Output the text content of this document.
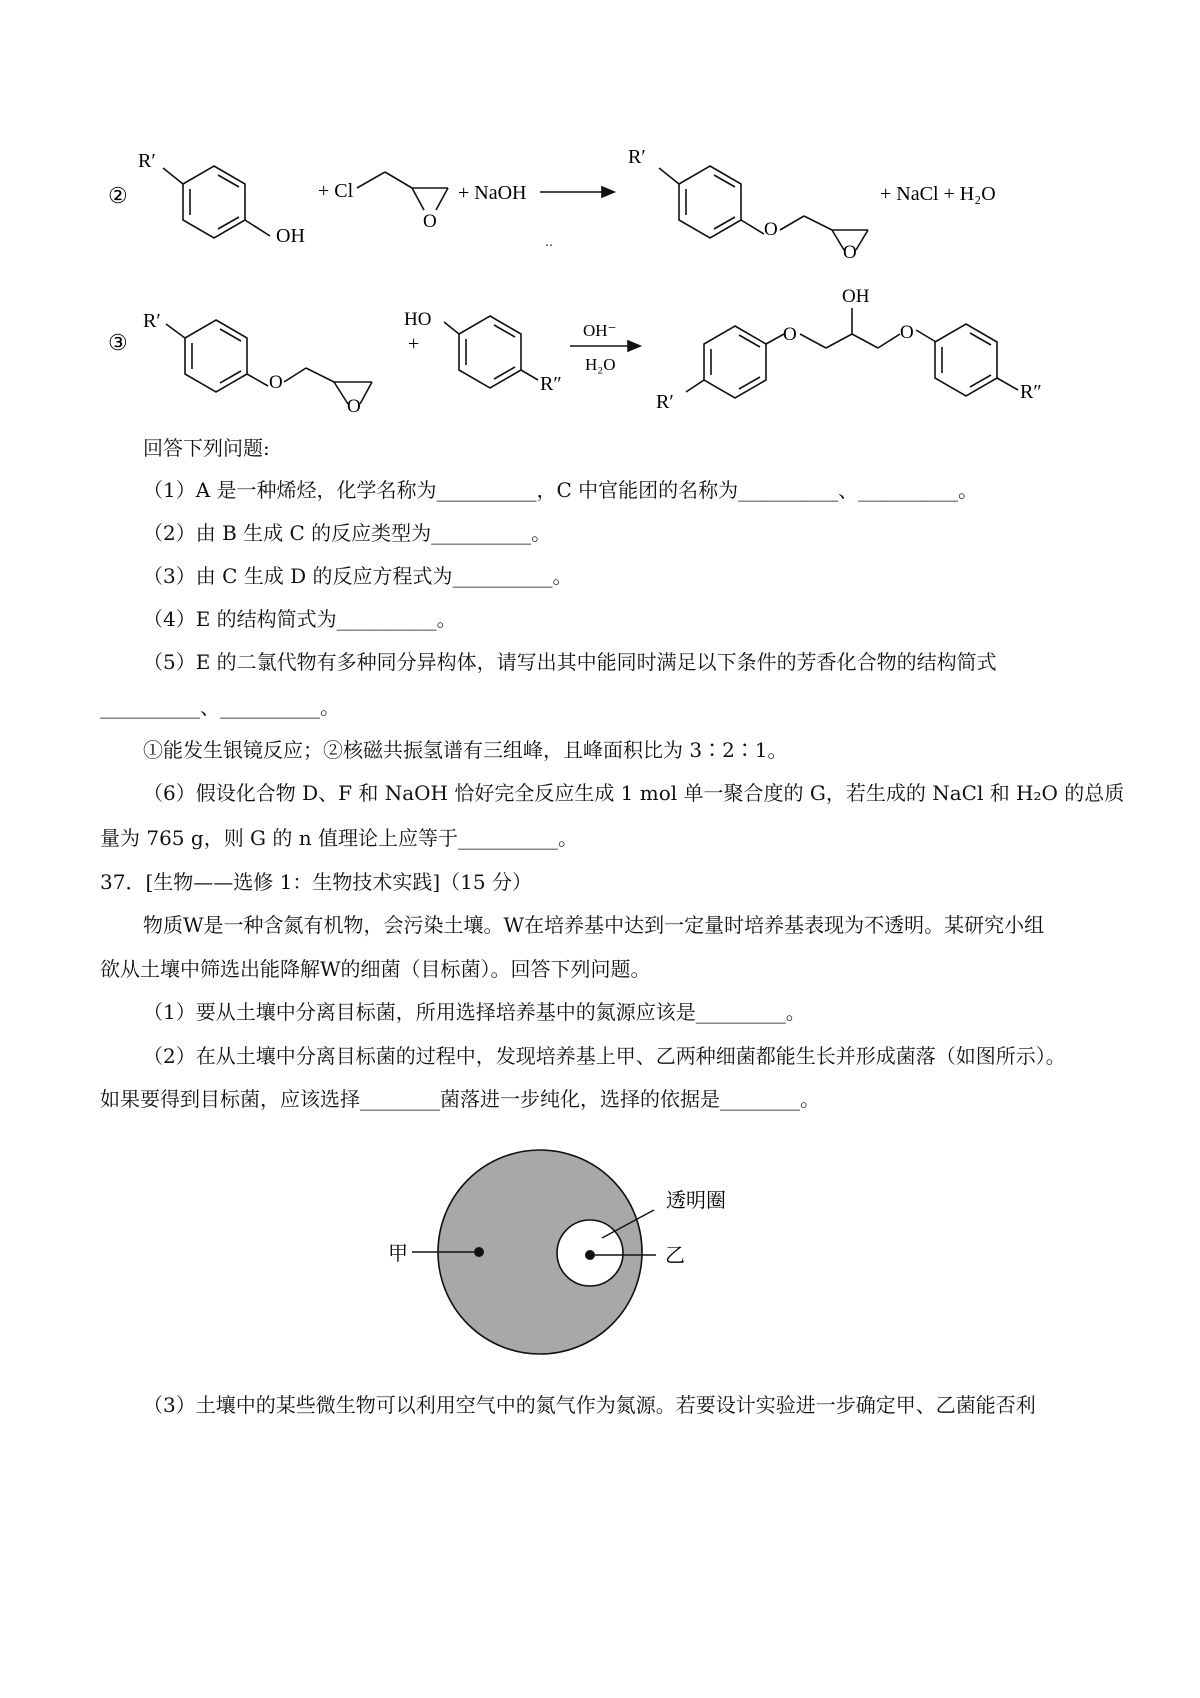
②
R′
OH
+ Cl
O
+ NaOH
R′
O
O
+ NaCl + H₂O
‥
③
R′
O
O
+
HO
R″
OH⁻
H₂O
OH
O	O
R′	R″
回答下列问题:
（1）A 是一种烯烃，化学名称为__________，C 中官能团的名称为__________、__________。
（2）由 B 生成 C 的反应类型为__________。
（3）由 C 生成 D 的反应方程式为__________。
（4）E 的结构简式为__________。
（5）E 的二氯代物有多种同分异构体，请写出其中能同时满足以下条件的芳香化合物的结构简式
__________、__________。
①能发生银镜反应；②核磁共振氢谱有三组峰，且峰面积比为 3∶2∶1。
（6）假设化合物 D、F 和 NaOH 恰好完全反应生成 1 mol 单一聚合度的 G，若生成的 NaCl 和 H₂O 的总质
量为 765 g，则 G 的 n 值理论上应等于__________。
37．[生物——选修 1：生物技术实践]（15 分）
物质W是一种含氮有机物，会污染土壤。W在培养基中达到一定量时培养基表现为不透明。某研究小组
欲从土壤中筛选出能降解W的细菌（目标菌）。回答下列问题。
（1）要从土壤中分离目标菌，所用选择培养基中的氮源应该是_________。
（2）在从土壤中分离目标菌的过程中，发现培养基上甲、乙两种细菌都能生长并形成菌落（如图所示）。
如果要得到目标菌，应该选择________菌落进一步纯化，选择的依据是________。
甲	乙
透明圈
（3）土壤中的某些微生物可以利用空气中的氮气作为氮源。若要设计实验进一步确定甲、乙菌能否利
